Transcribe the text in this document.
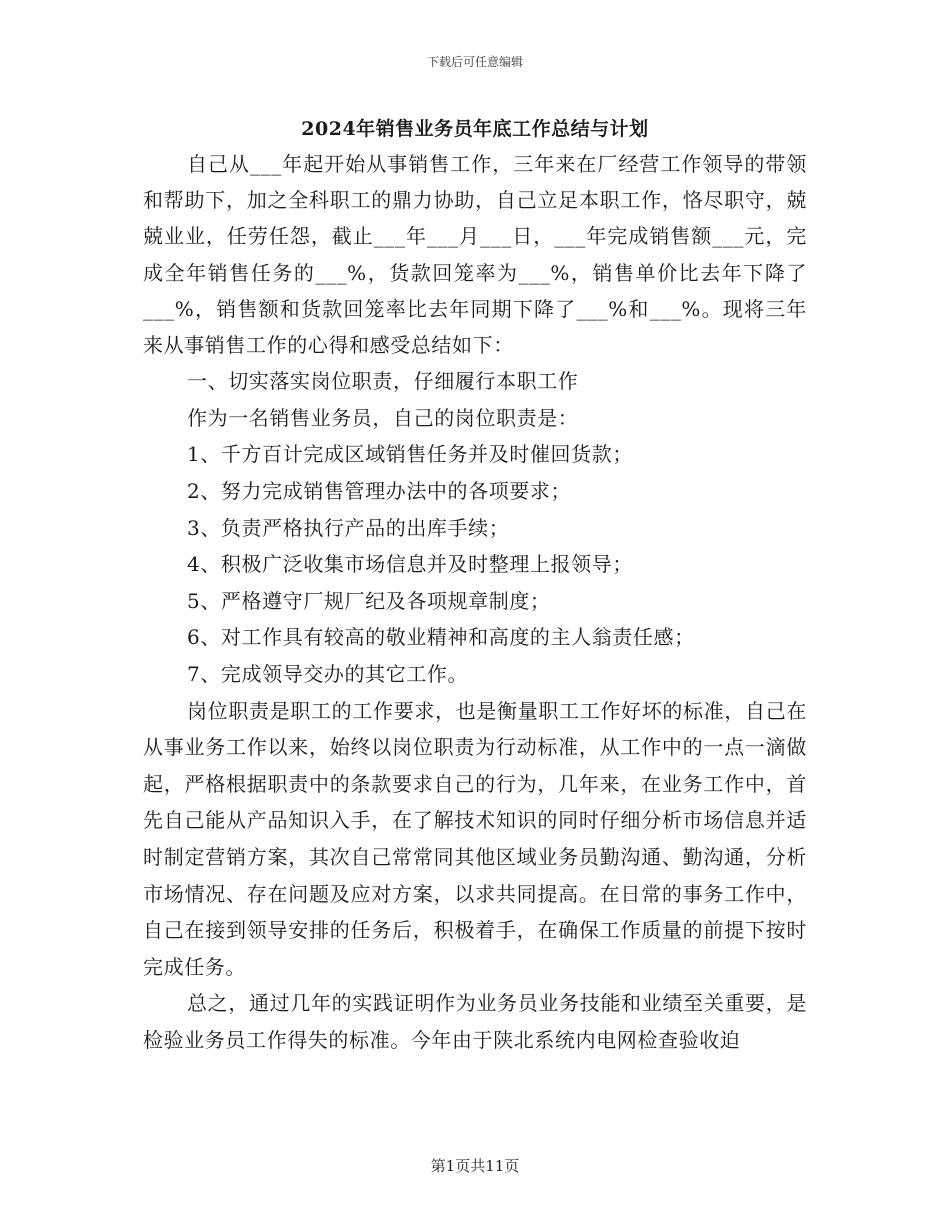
下载后可任意编辑
2024年销售业务员年底工作总结与计划

自己从___年起开始从事销售工作，三年来在厂经营工作领导的带领和帮助下，加之全科职工的鼎力协助，自己立足本职工作，恪尽职守，兢兢业业，任劳任怨，截止___年___月___日，___年完成销售额___元，完成全年销售任务的___%，货款回笼率为___%，销售单价比去年下降了___%，销售额和货款回笼率比去年同期下降了___%和___%。现将三年来从事销售工作的心得和感受总结如下：

一、切实落实岗位职责，仔细履行本职工作

作为一名销售业务员，自己的岗位职责是：

1、千方百计完成区域销售任务并及时催回货款；

2、努力完成销售管理办法中的各项要求；

3、负责严格执行产品的出库手续；

4、积极广泛收集市场信息并及时整理上报领导；

5、严格遵守厂规厂纪及各项规章制度；

6、对工作具有较高的敬业精神和高度的主人翁责任感；

7、完成领导交办的其它工作。

岗位职责是职工的工作要求，也是衡量职工工作好坏的标准，自己在从事业务工作以来，始终以岗位职责为行动标准，从工作中的一点一滴做起，严格根据职责中的条款要求自己的行为，几年来，在业务工作中，首先自己能从产品知识入手，在了解技术知识的同时仔细分析市场信息并适时制定营销方案，其次自己常常同其他区域业务员勤沟通、勤沟通，分析市场情况、存在问题及应对方案，以求共同提高。在日常的事务工作中，自己在接到领导安排的任务后，积极着手，在确保工作质量的前提下按时完成任务。

总之，通过几年的实践证明作为业务员业务技能和业绩至关重要，是检验业务员工作得失的标准。今年由于陕北系统内电网检查验收迫

第1页共11页
